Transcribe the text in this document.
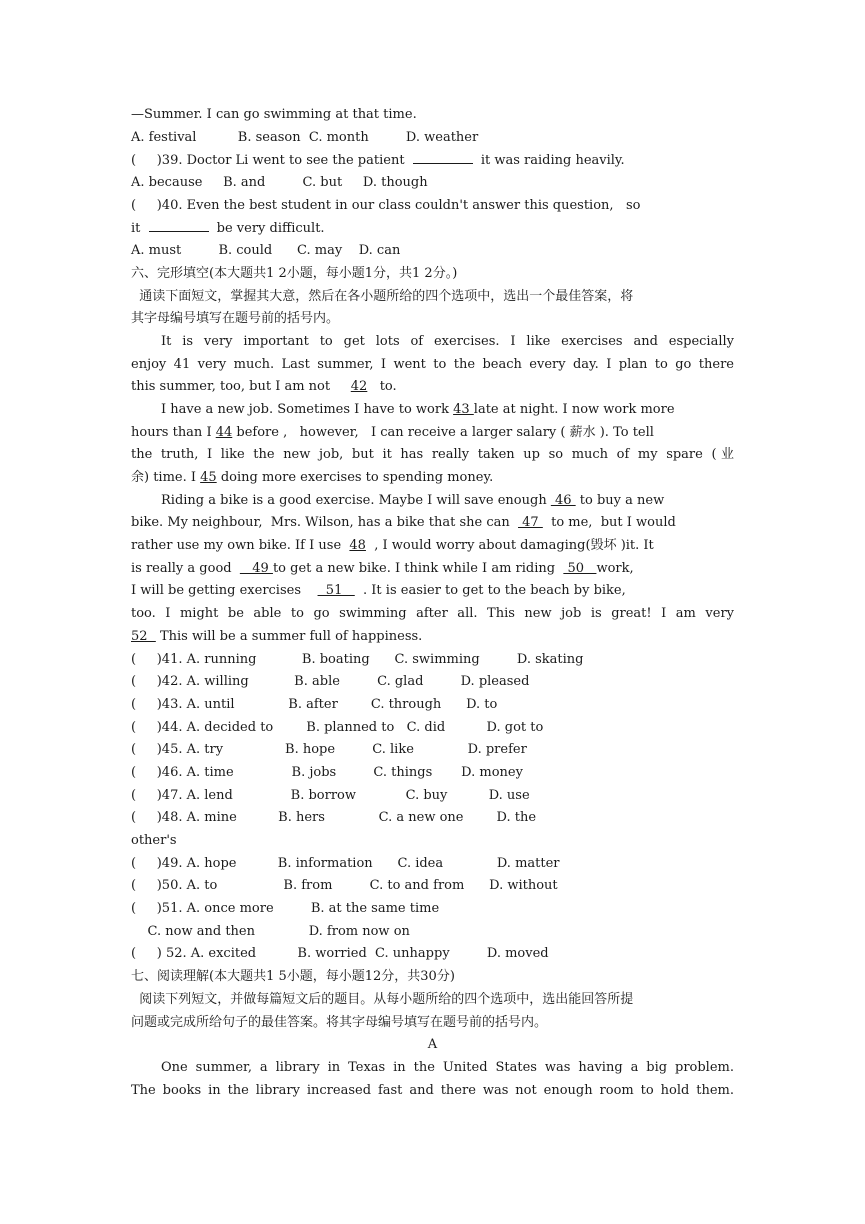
—Summer. I can go swimming at that time.
A. festival          B. season  C. month         D. weather
(     )39. Doctor Li went to see the patient	it was raiding heavily.
A. because     B. and         C. but     D. though
(     )40. Even the best student in our class couldn't answer this question,   so
it	be very difficult.
A. must         B. could      C. may    D. can
六、完形填空(本大题共1 2小题，每小题1分，共1 2分。)
通读下面短文，掌握其大意，然后在各小题所给的四个选项中，选出一个最佳答案，将
其字母编号填写在题号前的括号内。
It is very important to get lots of exercises. I like exercises and especially
enjoy 41 very much. Last summer, I went to the beach every day. I plan to go there
this summer, too, but I am not     42   to.
I have a new job. Sometimes I have to work 43 late at night. I now work more
hours than I 44 before ,   however,   I can receive a larger salary ( 薪水 ). To tell
the truth, I like the new job, but it has really taken up so much of my spare (业
余) time. I 45 doing more exercises to spending money.
Riding a bike is a good exercise. Maybe I will save enough  46  to buy a new
bike. My neighbour,  Mrs. Wilson, has a bike that she can   47   to me,  but I would
rather use my own bike. If I use  48  , I would worry about damaging(毁坏 )it. It
is really a good     49 to get a new bike. I think while I am riding   50   work,
I will be getting exercises      51     . It is easier to get to the beach by bike,
too. I might be able to go swimming after all. This new job is great! I am very
52   This will be a summer full of happiness.
(     )41. A. running           B. boating      C. swimming         D. skating
(     )42. A. willing           B. able         C. glad         D. pleased
(     )43. A. until             B. after        C. through      D. to
(     )44. A. decided to        B. planned to   C. did          D. got to
(     )45. A. try               B. hope         C. like             D. prefer
(     )46. A. time              B. jobs         C. things       D. money
(     )47. A. lend              B. borrow            C. buy          D. use
(     )48. A. mine          B. hers             C. a new one        D. the
other's
(     )49. A. hope          B. information      C. idea             D. matter
(     )50. A. to                B. from         C. to and from      D. without
(     )51. A. once more         B. at the same time
C. now and then             D. from now on
(     ) 52. A. excited          B. worried  C. unhappy         D. moved
七、阅读理解(本大题共1 5小题，每小题12分，共30分)
阅读下列短文，并做每篇短文后的题目。从每小题所给的四个选项中，选出能回答所提
问题或完成所给句子的最佳答案。将其字母编号填写在题号前的括号内。
A
One summer, a library in Texas in the United States was having a big problem.
The books in the library increased fast and there was not enough room to hold them.
